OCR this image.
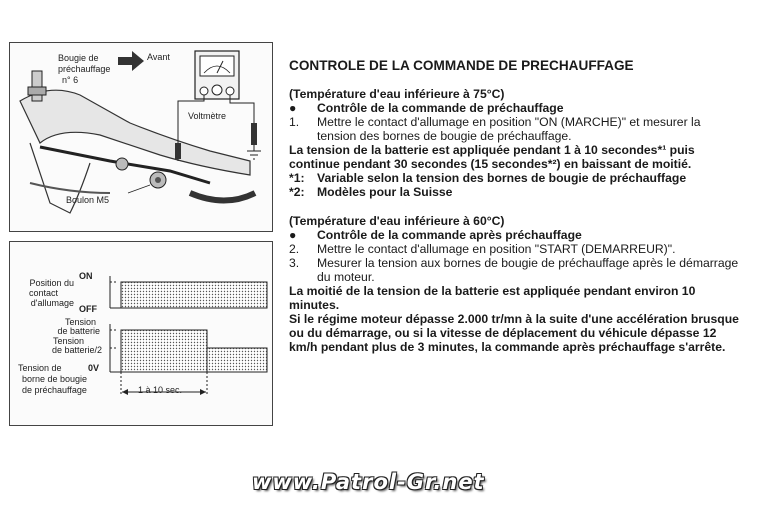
Bougie de
préchauffage
n° 6
Avant
Voltmètre
Boulon M5
Position du
contact
d'allumage
ON
OFF
Tension
de batterie
Tension
de batterie/2
Tension de	0V
borne de bougie
de préchauffage	1 à 10 sec.

CONTROLE DE LA COMMANDE DE PRECHAUFFAGE

(Température d'eau inférieure à 75°C)

●	Contrôle de la commande de préchauffage
1.	Mettre le contact d'allumage en position "ON (MARCHE)" et mesurer la tension des bornes de bougie de préchauffage.

La tension de la batterie est appliquée pendant 1 à 10 secondes*¹ puis continue pendant 30 secondes (15 secondes*²) en baissant de moitié.

*1:	Variable selon la tension des bornes de bougie de préchauffage
*2:	Modèles pour la Suisse

(Température d'eau inférieure à 60°C)

●	Contrôle de la commande après préchauffage
2.	Mettre le contact d'allumage en position "START (DEMARREUR)".
3.	Mesurer la tension aux bornes de bougie de préchauffage après le démarrage du moteur.

La moitié de la tension de la batterie est appliquée pendant environ 10 minutes.

Si le régime moteur dépasse 2.000 tr/mn à la suite d'une accélération brusque ou du démarrage, ou si la vitesse de déplacement du véhicule dépasse 12 km/h pendant plus de 3 minutes, la commande après préchauffage s'arrête.

www.Patrol-Gr.net
